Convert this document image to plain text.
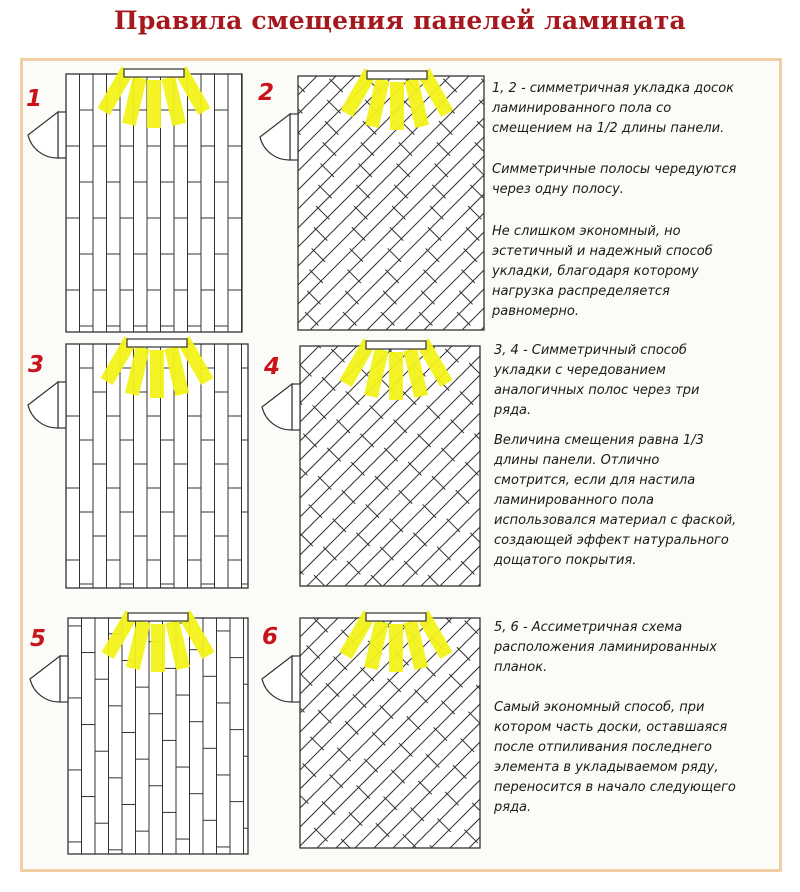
Правила смещения панелей ламината
1	2
3	4
5	6

1, 2 - симметричная укладка досок
ламинированного пола со
смещением на 1/2 длины панели.

Симметричные полосы чередуются
через одну полосу.

Не слишком экономный, но
эстетичный и надежный способ
укладки, благодаря которому
нагрузка распределяется
равномерно.

3, 4 - Симметричный способ
укладки с чередованием
аналогичных полос через три
ряда.

Величина смещения равна 1/3
длины панели. Отлично
смотрится, если для настила
ламинированного пола
использовался материал с фаской,
создающей эффект натурального
дощатого покрытия.

5, 6 - Ассиметричная схема
расположения ламинированных
планок.

Самый экономный способ, при
котором часть доски, оставшаяся
после отпиливания последнего
элемента в укладываемом ряду,
переносится в начало следующего
ряда.
